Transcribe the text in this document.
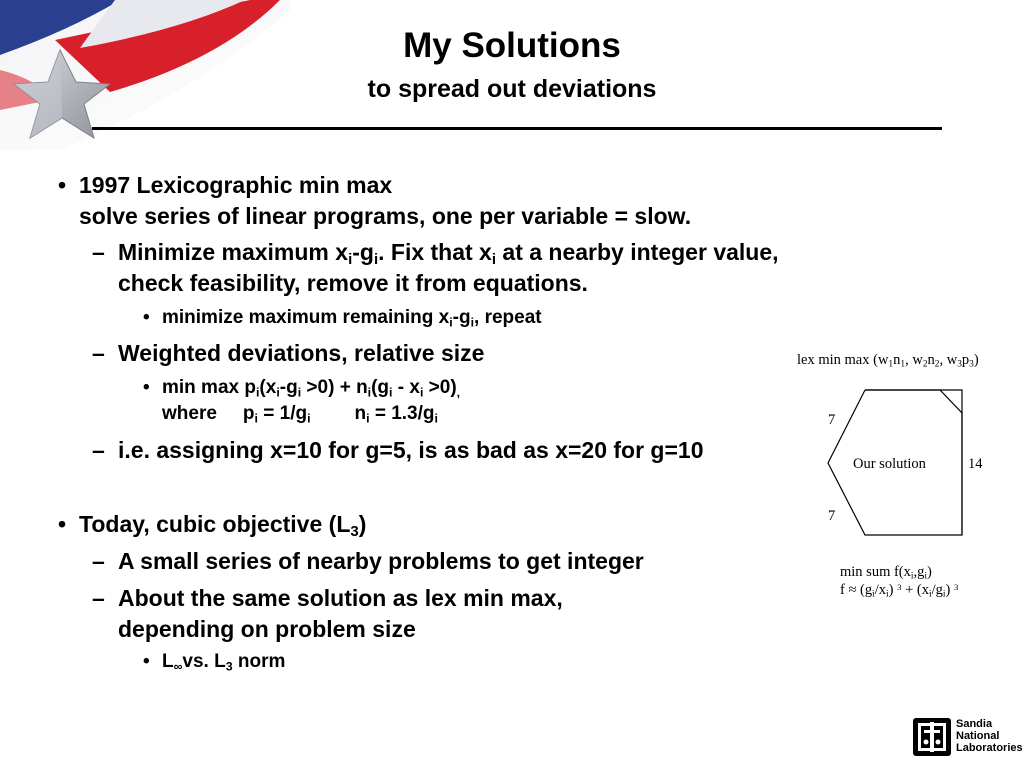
My Solutions
to spread out deviations
• 1997 Lexicographic min max
solve series of linear programs, one per variable = slow.
– Minimize maximum $x_i-g_i$. Fix that $x_i$ at a nearby integer value,
check feasibility, remove it from equations.
• minimize maximum remaining $x_i-g_i$, repeat
– Weighted deviations, relative size
• $\min \max p_i(x_i-g_i >0) + n_i(g_i - x_i >0)_,$
where $p_i = 1/g_i$ $n_i = 1.3/g_i$
– i.e. assigning x=10 for g=5, is as bad as x=20 for g=10
• Today, cubic objective $(L_3)$
– A small series of nearby problems to get integer
– About the same solution as lex min max,
depending on problem size
• $L_\infty vs$. $L_3$ norm
lex $\min \max (w_1n_1$, $w_2n_2$, $w_3p_3$)
7
7
14
Our solution
min sum $f(x_i,g_i)$
$f \approx (g_i/x_i) ^3 + (x_i/g_i)$ $^3$
Sandia
National
Laboratories
